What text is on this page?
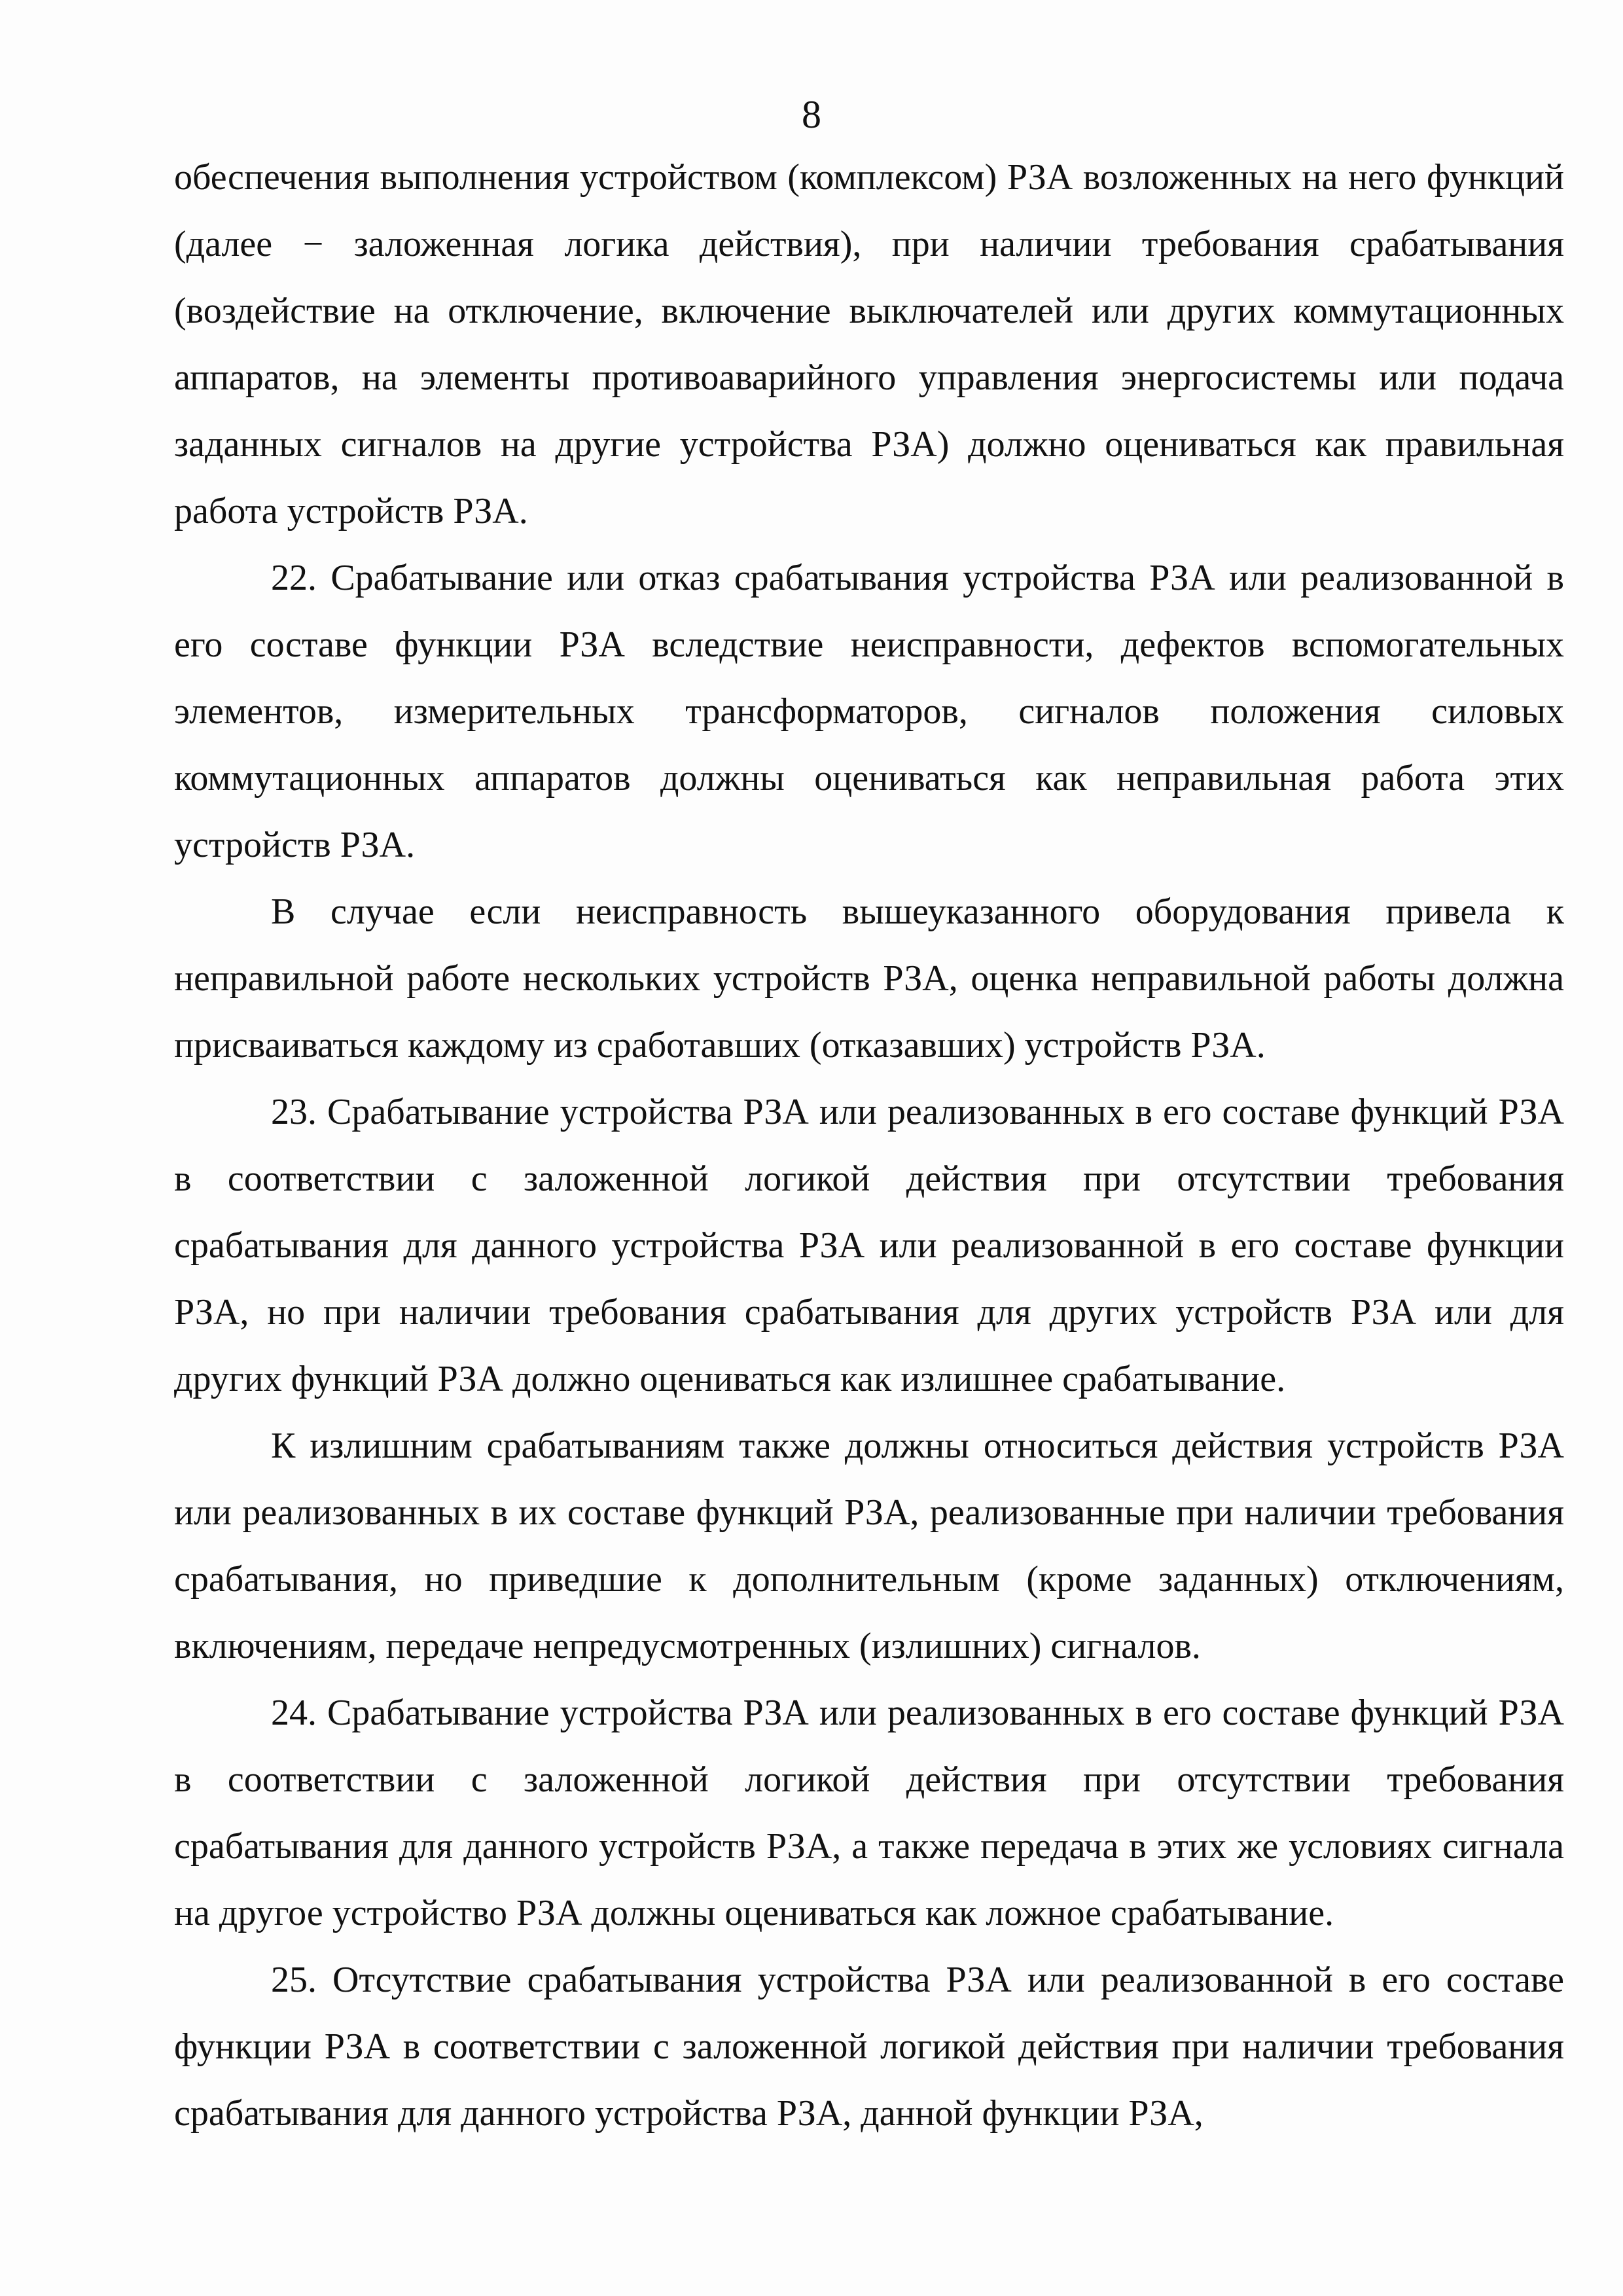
8

обеспечения выполнения устройством (комплексом) РЗА возложенных на него функций (далее − заложенная логика действия), при наличии требования срабатывания (воздействие на отключение, включение выключателей или других коммутационных аппаратов, на элементы противоаварийного управления энергосистемы или подача заданных сигналов на другие устройства РЗА) должно оцениваться как правильная работа устройств РЗА.

22. Срабатывание или отказ срабатывания устройства РЗА или реализованной в его составе функции РЗА вследствие неисправности, дефектов вспомогательных элементов, измерительных трансформаторов, сигналов положения силовых коммутационных аппаратов должны оцениваться как неправильная работа этих устройств РЗА.

В случае если неисправность вышеуказанного оборудования привела к неправильной работе нескольких устройств РЗА, оценка неправильной работы должна присваиваться каждому из сработавших (отказавших) устройств РЗА.

23. Срабатывание устройства РЗА или реализованных в его составе функций РЗА в соответствии с заложенной логикой действия при отсутствии требования срабатывания для данного устройства РЗА или реализованной в его составе функции РЗА, но при наличии требования срабатывания для других устройств РЗА или для других функций РЗА должно оцениваться как излишнее срабатывание.

К излишним срабатываниям также должны относиться действия устройств РЗА или реализованных в их составе функций РЗА, реализованные при наличии требования срабатывания, но приведшие к дополнительным (кроме заданных) отключениям, включениям, передаче непредусмотренных (излишних) сигналов.

24. Срабатывание устройства РЗА или реализованных в его составе функций РЗА в соответствии с заложенной логикой действия при отсутствии требования срабатывания для данного устройств РЗА, а также передача в этих же условиях сигнала на другое устройство РЗА должны оцениваться как ложное срабатывание.

25. Отсутствие срабатывания устройства РЗА или реализованной в его составе функции РЗА в соответствии с заложенной логикой действия при наличии требования срабатывания для данного устройства РЗА, данной функции РЗА,
